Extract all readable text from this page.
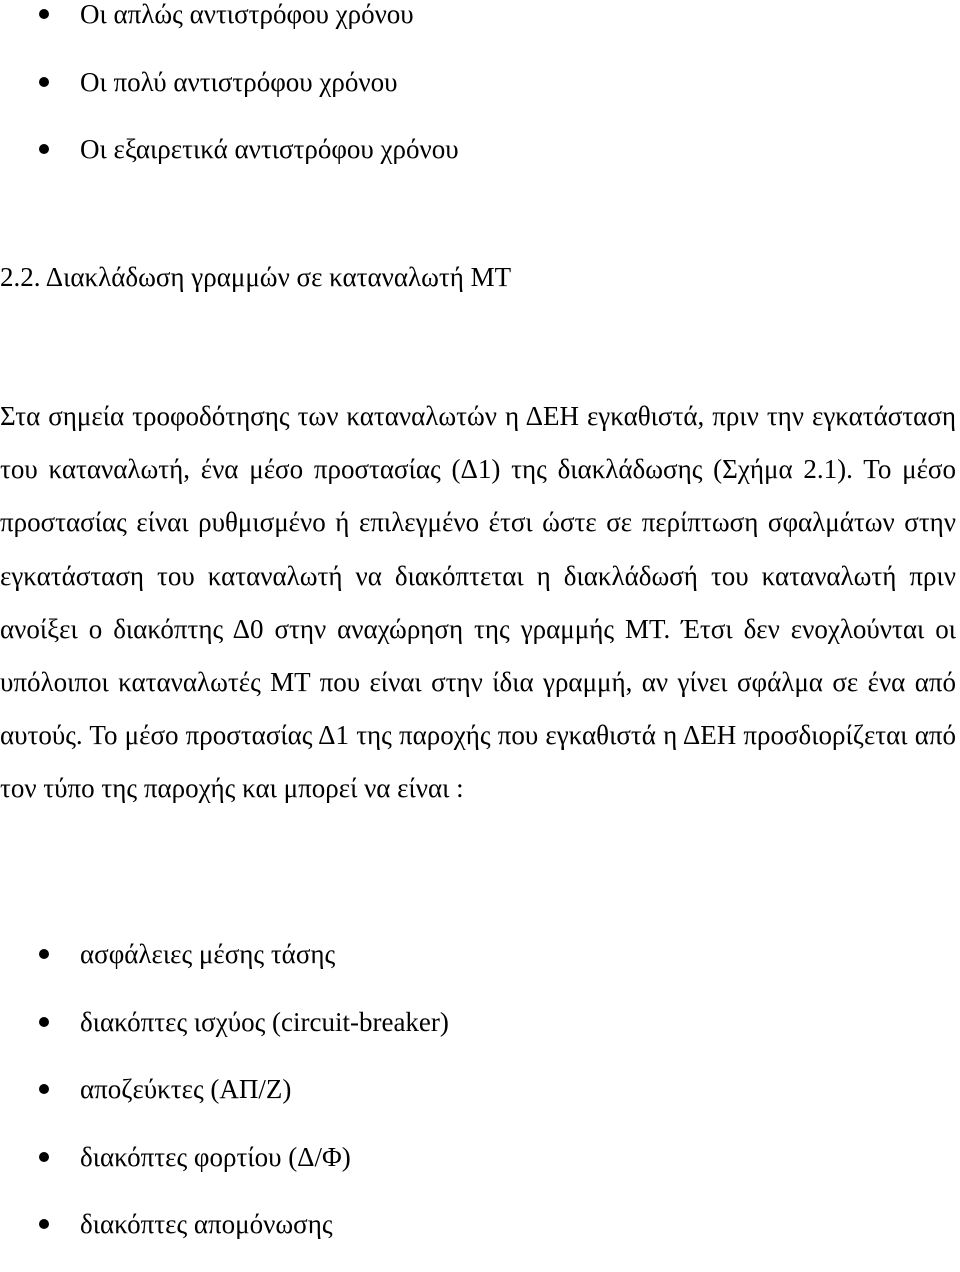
Οι απλώς αντιστρόφου χρόνου
Οι πολύ αντιστρόφου χρόνου
Οι εξαιρετικά αντιστρόφου χρόνου
2.2. Διακλάδωση γραμμών σε καταναλωτή ΜΤ

Στα σημεία τροφοδότησης των καταναλωτών η ΔΕΗ εγκαθιστά, πριν την εγκατάσταση του καταναλωτή, ένα μέσο προστασίας (Δ1) της διακλάδωσης (Σχήμα 2.1). Το μέσο προστασίας είναι ρυθμισμένο ή επιλεγμένο έτσι ώστε σε περίπτωση σφαλμάτων στην εγκατάσταση του καταναλωτή να διακόπτεται η διακλάδωσή του καταναλωτή πριν ανοίξει ο διακόπτης Δ0 στην αναχώρηση της γραμμής ΜΤ. Έτσι δεν ενοχλούνται οι υπόλοιποι καταναλωτές ΜΤ που είναι στην ίδια γραμμή, αν γίνει σφάλμα σε ένα από αυτούς. Το μέσο προστασίας Δ1 της παροχής που εγκαθιστά η ΔΕΗ προσδιορίζεται από τον τύπο της παροχής και μπορεί να είναι :

ασφάλειες μέσης τάσης
διακόπτες ισχύος (circuit-breaker)
αποζεύκτες (ΑΠ/Ζ)
διακόπτες φορτίου (Δ/Φ)
διακόπτες απομόνωσης
